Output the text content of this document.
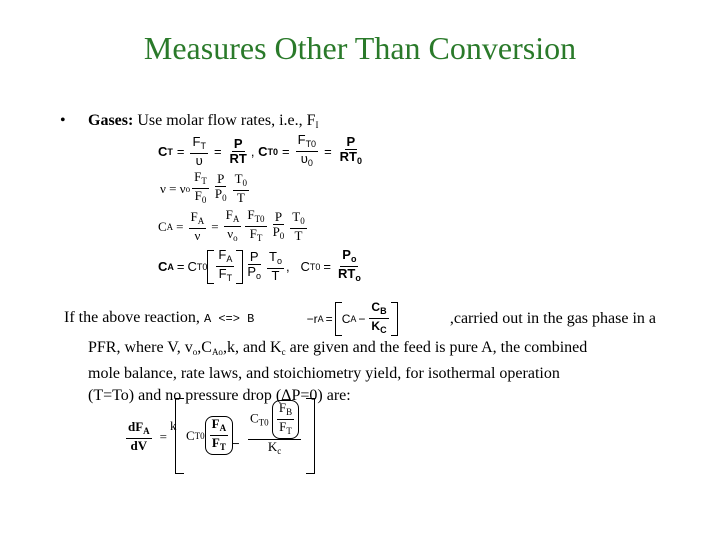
Measures Other Than Conversion
• Gases: Use molar flow rates, i.e., $F_I$
C $T = \frac{F_T}{\upsilon} = \frac{P}{RT}$ , C $T0 = \frac{F_{T0}}{\upsilon_0} = \frac{P}{RT_0}$
ν = ν o $\frac{F_T}{F_0} \frac{P}{P_0} \frac{T_0}{T}$
C $A = \frac{F_A}{\nu} = \frac{F_A}{\nu_o} \frac{F_{T0}}{F_T} \frac{P}{P_0} \frac{T_0}{T}$
C A = C $T0 \frac{F_A}{F_T} \frac{P}{P_o} \frac{T_o}{T}$ , C $T0 = \frac{P_o}{RT_o}$
If the above reaction, A <=> B	−r A = C $A - \frac{C_B}{K_C}$	,carried out in the gas phase in a
PFR, where V, $v_o,C_{Ao},k$, and $K_c$ are given and the feed is pure A, the combined
mole balance, rate laws, and stoichiometry yield, for isothermal operation
(T=To) and no pressure drop (ΔP=0) are:
$\frac{dF_A}{dV}$ =
k
C $T0 \frac{F_A}{F_T} \frac{C_{T0} \frac{F_B}{F_T}}{K_c}$
−
